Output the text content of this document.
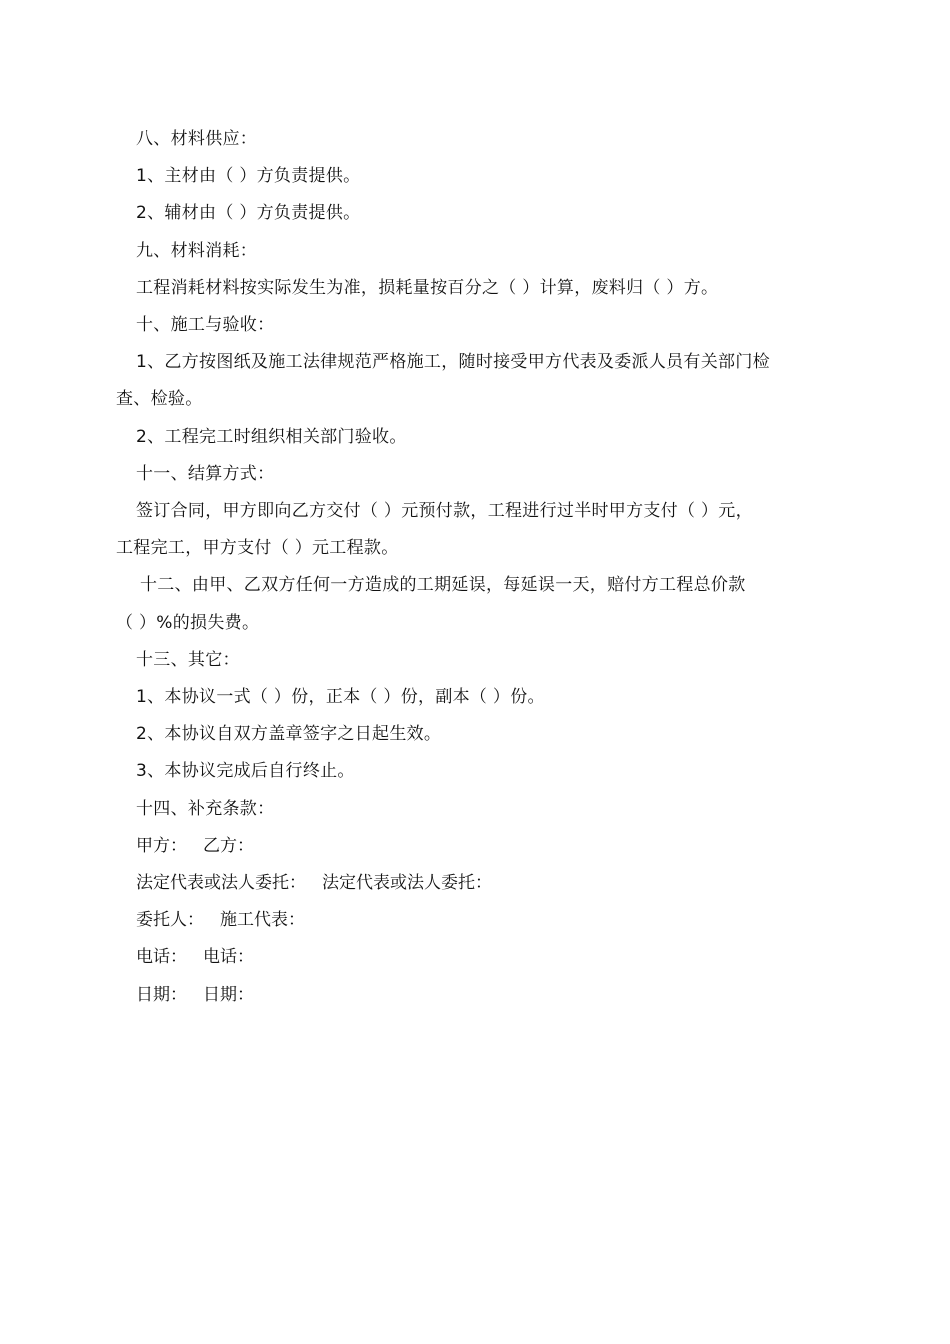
八、材料供应：
1、主材由（ ）方负责提供。
2、辅材由（ ）方负责提供。
九、材料消耗：
工程消耗材料按实际发生为准，损耗量按百分之（ ）计算，废料归（ ）方。
十、施工与验收：
1、乙方按图纸及施工法律规范严格施工，随时接受甲方代表及委派人员有关部门检
查、检验。
2、工程完工时组织相关部门验收。
十一、结算方式：
签订合同，甲方即向乙方交付（ ）元预付款，工程进行过半时甲方支付（ ）元，
工程完工，甲方支付（ ）元工程款。
十二、由甲、乙双方任何一方造成的工期延误，每延误一天，赔付方工程总价款
（ ）%的损失费。
十三、其它：
1、本协议一式（ ）份，正本（ ）份，副本（ ）份。
2、本协议自双方盖章签字之日起生效。
3、本协议完成后自行终止。
十四、补充条款：
甲方： 乙方：
法定代表或法人委托： 法定代表或法人委托：
委托人： 施工代表：
电话： 电话：
日期： 日期：
